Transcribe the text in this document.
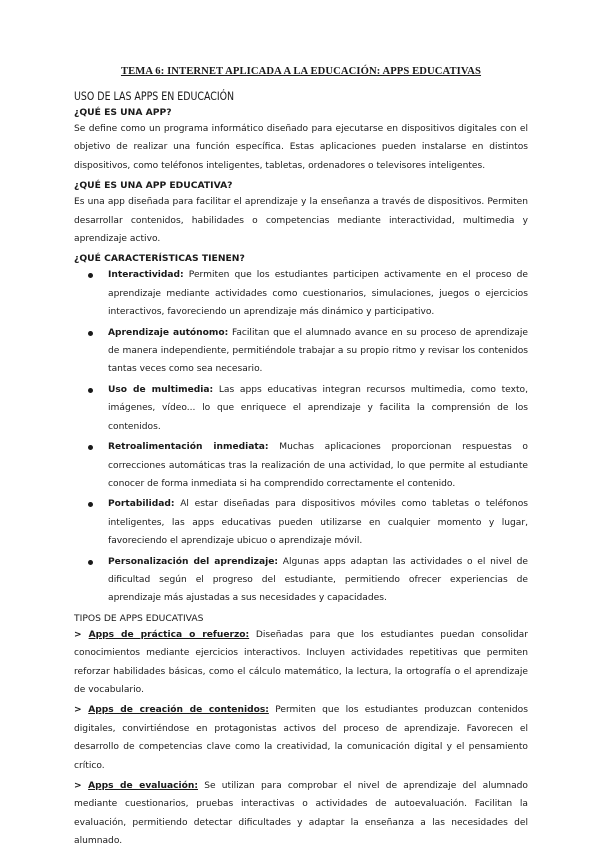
TEMA 6: INTERNET APLICADA A LA EDUCACIÓN: APPS EDUCATIVAS
USO DE LAS APPS EN EDUCACIÓN
¿QUÉ ES UNA APP?

Se define como un programa informático diseñado para ejecutarse en dispositivos digitales con el objetivo de realizar una función específica. Estas aplicaciones pueden instalarse en distintos dispositivos, como teléfonos inteligentes, tabletas, ordenadores o televisores inteligentes.

¿QUÉ ES UNA APP EDUCATIVA?

Es una app diseñada para facilitar el aprendizaje y la enseñanza a través de dispositivos. Permiten desarrollar contenidos, habilidades o competencias mediante interactividad, multimedia y aprendizaje activo.

¿QUÉ CARACTERÍSTICAS TIENEN?
Interactividad: Permiten que los estudiantes participen activamente en el proceso de aprendizaje mediante actividades como cuestionarios, simulaciones, juegos o ejercicios interactivos, favoreciendo un aprendizaje más dinámico y participativo.
Aprendizaje autónomo: Facilitan que el alumnado avance en su proceso de aprendizaje de manera independiente, permitiéndole trabajar a su propio ritmo y revisar los contenidos tantas veces como sea necesario.
Uso de multimedia: Las apps educativas integran recursos multimedia, como texto, imágenes, vídeo... lo que enriquece el aprendizaje y facilita la comprensión de los contenidos.
Retroalimentación inmediata: Muchas aplicaciones proporcionan respuestas o correcciones automáticas tras la realización de una actividad, lo que permite al estudiante conocer de forma inmediata si ha comprendido correctamente el contenido.
Portabilidad: Al estar diseñadas para dispositivos móviles como tabletas o teléfonos inteligentes, las apps educativas pueden utilizarse en cualquier momento y lugar, favoreciendo el aprendizaje ubicuo o aprendizaje móvil.
Personalización del aprendizaje: Algunas apps adaptan las actividades o el nivel de dificultad según el progreso del estudiante, permitiendo ofrecer experiencias de aprendizaje más ajustadas a sus necesidades y capacidades.
TIPOS DE APPS EDUCATIVAS
> Apps de práctica o refuerzo: Diseñadas para que los estudiantes puedan consolidar conocimientos mediante ejercicios interactivos. Incluyen actividades repetitivas que permiten reforzar habilidades básicas, como el cálculo matemático, la lectura, la ortografía o el aprendizaje de vocabulario.
> Apps de creación de contenidos: Permiten que los estudiantes produzcan contenidos digitales, convirtiéndose en protagonistas activos del proceso de aprendizaje. Favorecen el desarrollo de competencias clave como la creatividad, la comunicación digital y el pensamiento crítico.
> Apps de evaluación: Se utilizan para comprobar el nivel de aprendizaje del alumnado mediante cuestionarios, pruebas interactivas o actividades de autoevaluación. Facilitan la evaluación, permitiendo detectar dificultades y adaptar la enseñanza a las necesidades del alumnado.
